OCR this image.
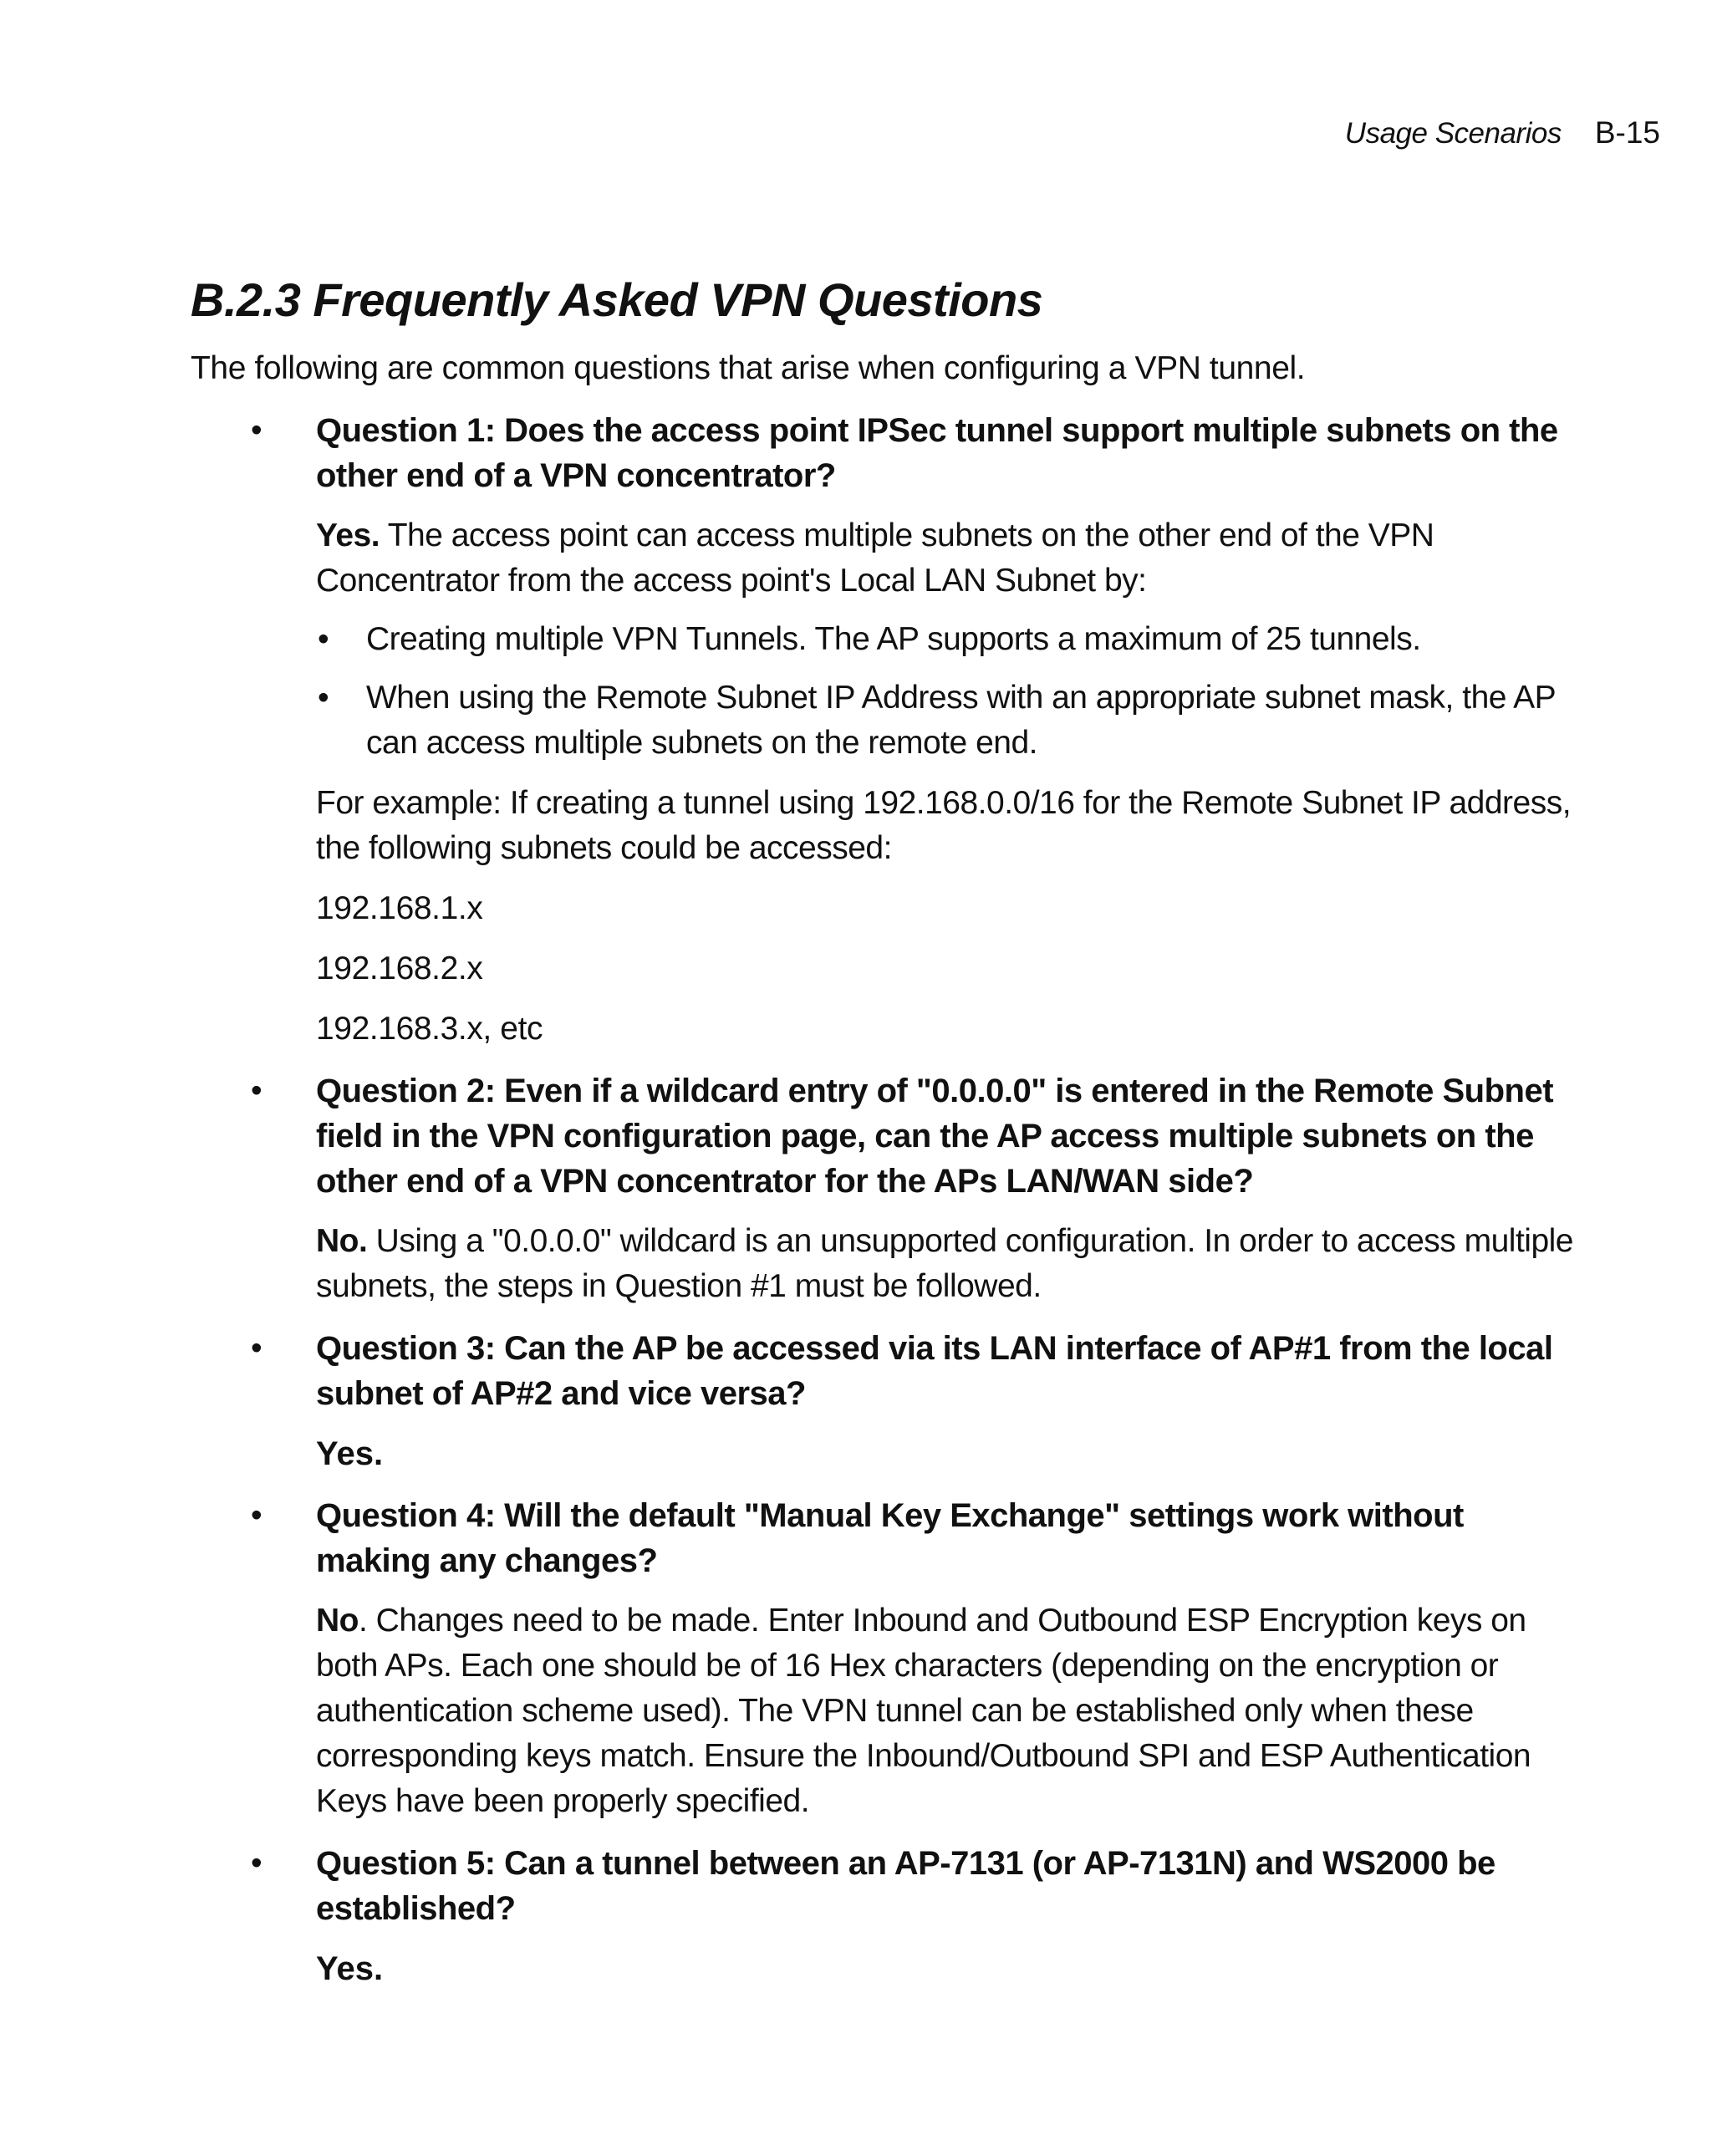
Usage Scenarios B-15
B.2.3 Frequently Asked VPN Questions

The following are common questions that arise when configuring a VPN tunnel.

• Question 1: Does the access point IPSec tunnel support multiple subnets on the other end of a VPN concentrator?

Yes. The access point can access multiple subnets on the other end of the VPN Concentrator from the access point's Local LAN Subnet by:

• Creating multiple VPN Tunnels. The AP supports a maximum of 25 tunnels.
• When using the Remote Subnet IP Address with an appropriate subnet mask, the AP can access multiple subnets on the remote end.

For example: If creating a tunnel using 192.168.0.0/16 for the Remote Subnet IP address, the following subnets could be accessed:

192.168.1.x

192.168.2.x

192.168.3.x, etc

• Question 2: Even if a wildcard entry of "0.0.0.0" is entered in the Remote Subnet field in the VPN configuration page, can the AP access multiple subnets on the other end of a VPN concentrator for the APs LAN/WAN side?

No. Using a "0.0.0.0" wildcard is an unsupported configuration. In order to access multiple subnets, the steps in Question #1 must be followed.

• Question 3: Can the AP be accessed via its LAN interface of AP#1 from the local subnet of AP#2 and vice versa?

Yes.

• Question 4: Will the default "Manual Key Exchange" settings work without making any changes?

No. Changes need to be made. Enter Inbound and Outbound ESP Encryption keys on both APs. Each one should be of 16 Hex characters (depending on the encryption or authentication scheme used). The VPN tunnel can be established only when these corresponding keys match. Ensure the Inbound/Outbound SPI and ESP Authentication Keys have been properly specified.

• Question 5: Can a tunnel between an AP-7131 (or AP-7131N) and WS2000 be established?

Yes.
